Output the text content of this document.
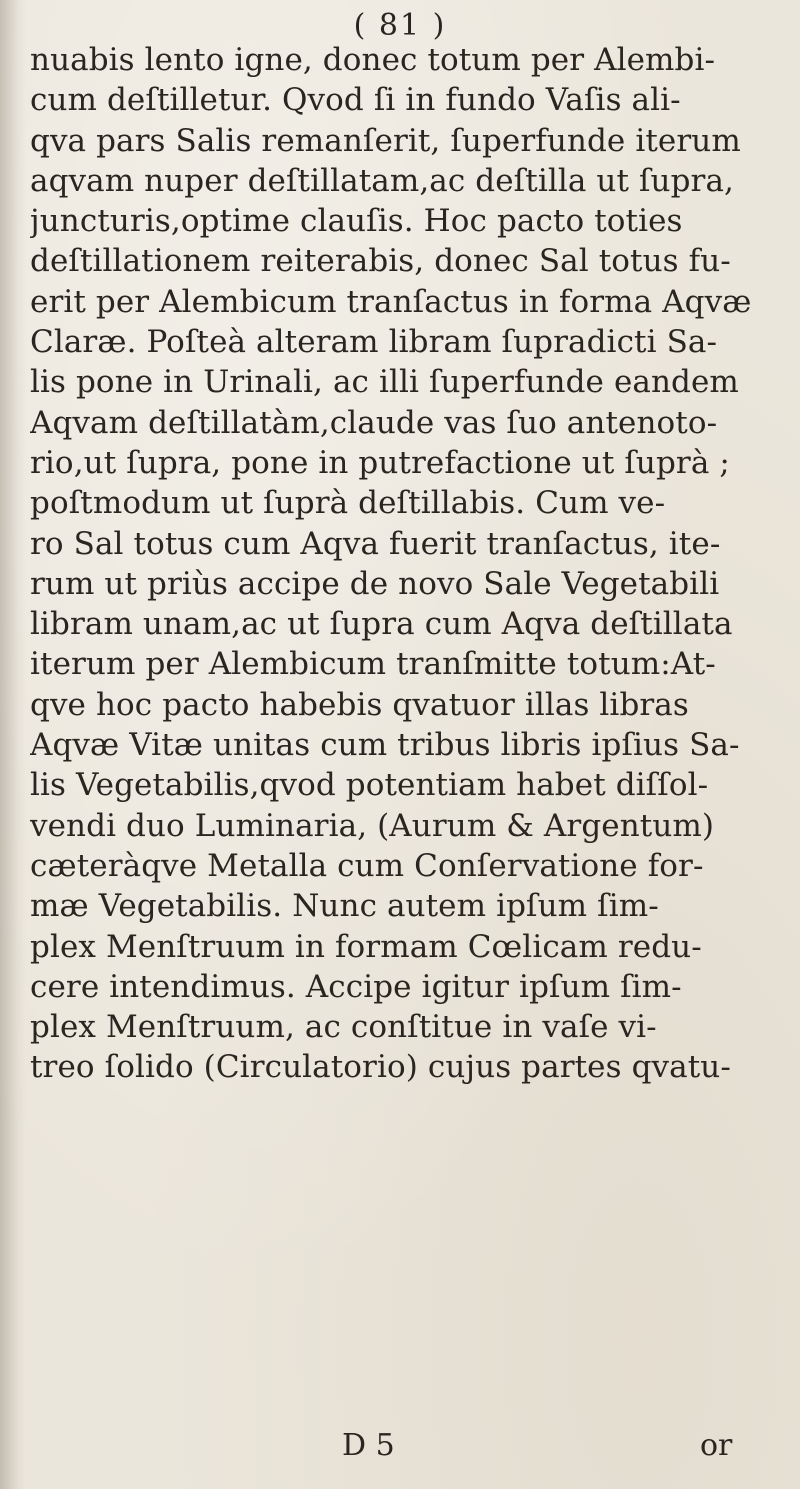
( 81 )
nuabis lento igne, donec totum per Alembi-
cum deſtilletur. Qvod ſi in fundo Vaſis ali-
qva pars Salis remanſerit, ſuperfunde iterum
aqvam nuper deſtillatam,ac deſtilla ut ſupra,
juncturis,optime clauſis. Hoc pacto toties
deſtillationem reiterabis, donec Sal totus fu-
erit per Alembicum tranſactus in forma Aqvæ
Claræ. Poſteà alteram libram ſupradicti Sa-
lis pone in Urinali, ac illi ſuperfunde eandem
Aqvam deſtillatàm,claude vas ſuo antenoto-
rio,ut ſupra, pone in putrefactione ut ſuprà ;
poſtmodum ut ſuprà deſtillabis. Cum ve-
ro Sal totus cum Aqva fuerit tranſactus, ite-
rum ut priùs accipe de novo Sale Vegetabili
libram unam,ac ut ſupra cum Aqva deſtillata
iterum per Alembicum tranſmitte totum:At-
qve hoc pacto habebis qvatuor illas libras
Aqvæ Vitæ unitas cum tribus libris ipſius Sa-
lis Vegetabilis,qvod potentiam habet diſſol-
vendi duo Luminaria, (Aurum & Argentum)
cæteràqve Metalla cum Conſervatione for-
mæ Vegetabilis. Nunc autem ipſum ſim-
plex Menſtruum in formam Cœlicam redu-
cere intendimus. Accipe igitur ipſum ſim-
plex Menſtruum, ac conſtitue in vaſe vi-
treo ſolido (Circulatorio) cujus partes qvatu-
D 5	or
